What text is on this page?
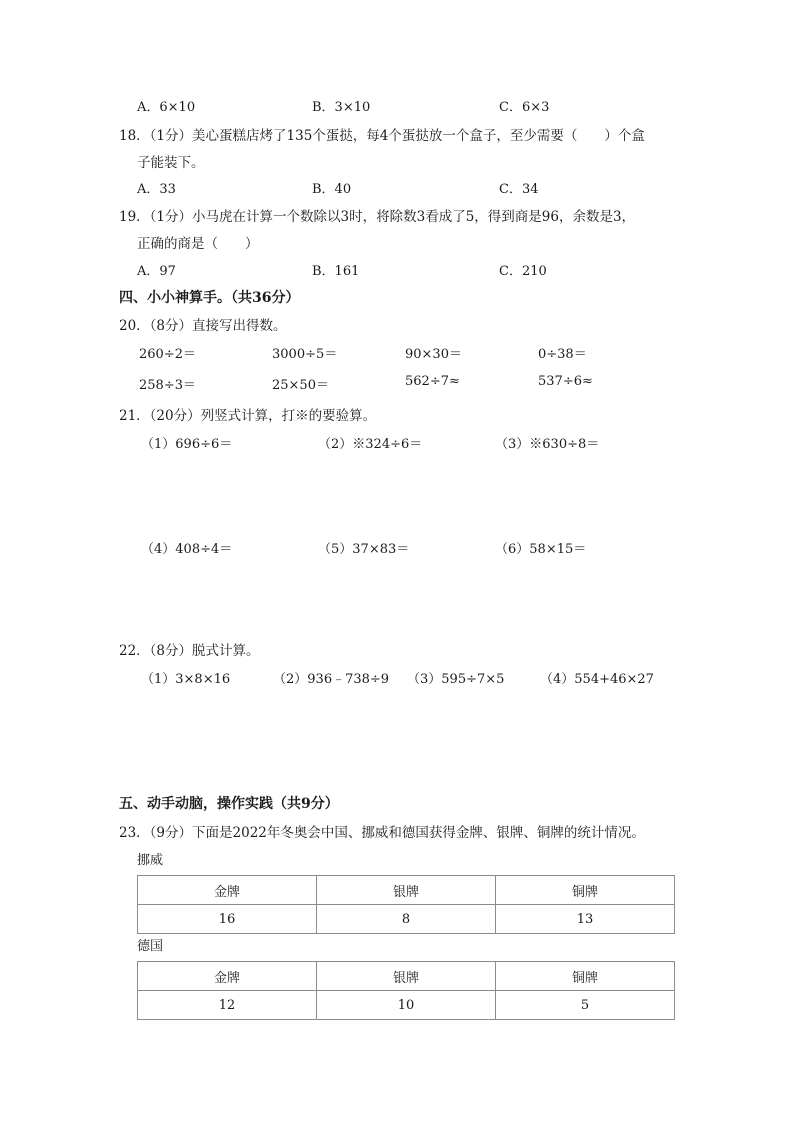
A．6×10	B．3×10	C．6×3
18．（1分）美心蛋糕店烤了135个蛋挞，每4个蛋挞放一个盒子，至少需要（　　）个盒
子能装下。
A．33	B．40	C．34
19．（1分）小马虎在计算一个数除以3时，将除数3看成了5，得到商是96，余数是3，
正确的商是（　　）
A．97	B．161	C．210
四、小小神算手。（共36分）
20．（8分）直接写出得数。
260÷2＝	3000÷5＝	90×30＝	0÷38＝
258÷3＝	25×50＝	562÷7≈	537÷6≈
21．（20分）列竖式计算，打※的要验算。
（1）696÷6＝	（2）※324÷6＝	（3）※630÷8＝
（4）408÷4＝	（5）37×83＝	（6）58×15＝
22．（8分）脱式计算。
（1）3×8×16	（2）936﹣738÷9 （3）595÷7×5	（4）554+46×27
五、动手动脑，操作实践（共9分）
23．（9分）下面是2022年冬奥会中国、挪威和德国获得金牌、银牌、铜牌的统计情况。
挪威
金牌	银牌	铜牌
16	8	13
德国
金牌	银牌	铜牌
12	10	5
